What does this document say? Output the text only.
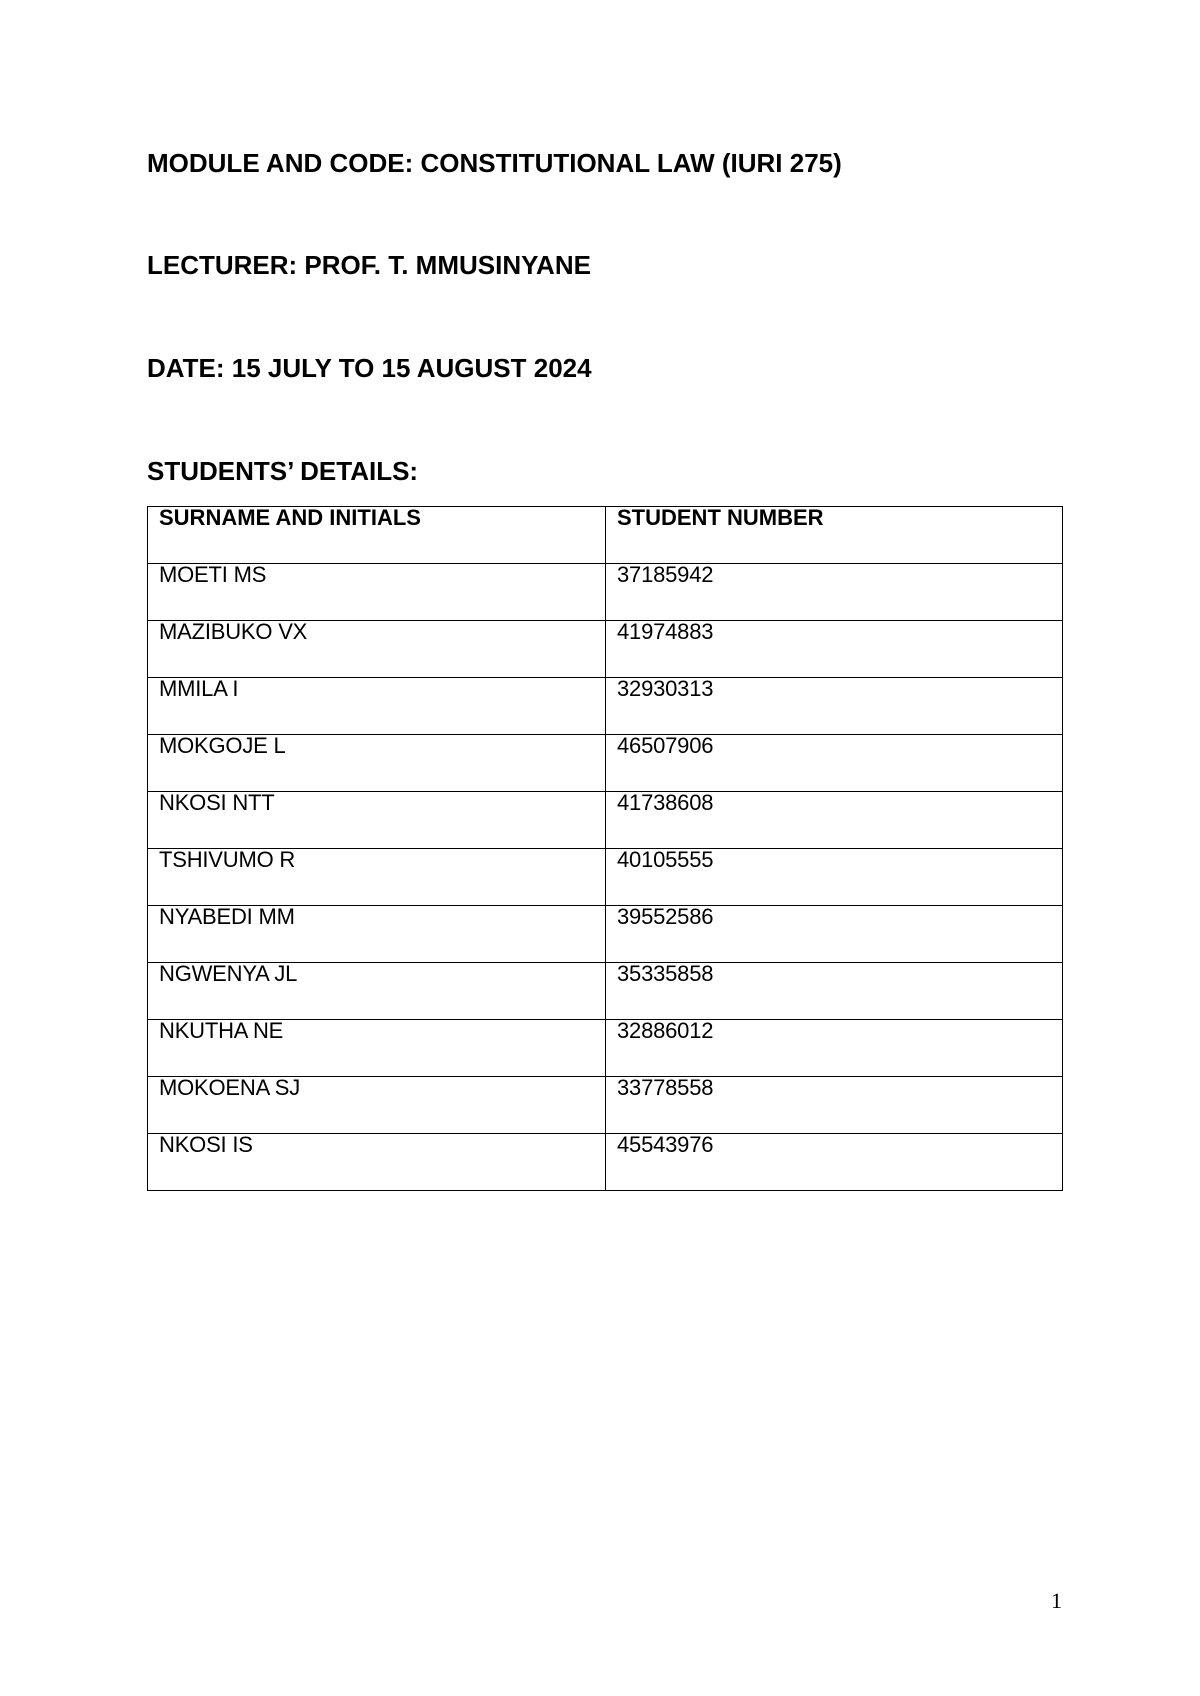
MODULE AND CODE: CONSTITUTIONAL LAW (IURI 275)
LECTURER: PROF. T. MMUSINYANE
DATE: 15 JULY TO 15 AUGUST 2024
STUDENTS’ DETAILS:
SURNAME AND INITIALS	STUDENT NUMBER
MOETI MS	37185942
MAZIBUKO VX	41974883
MMILA I	32930313
MOKGOJE L	46507906
NKOSI NTT	41738608
TSHIVUMO R	40105555
NYABEDI MM	39552586
NGWENYA JL	35335858
NKUTHA NE	32886012
MOKOENA SJ	33778558
NKOSI IS	45543976
1
